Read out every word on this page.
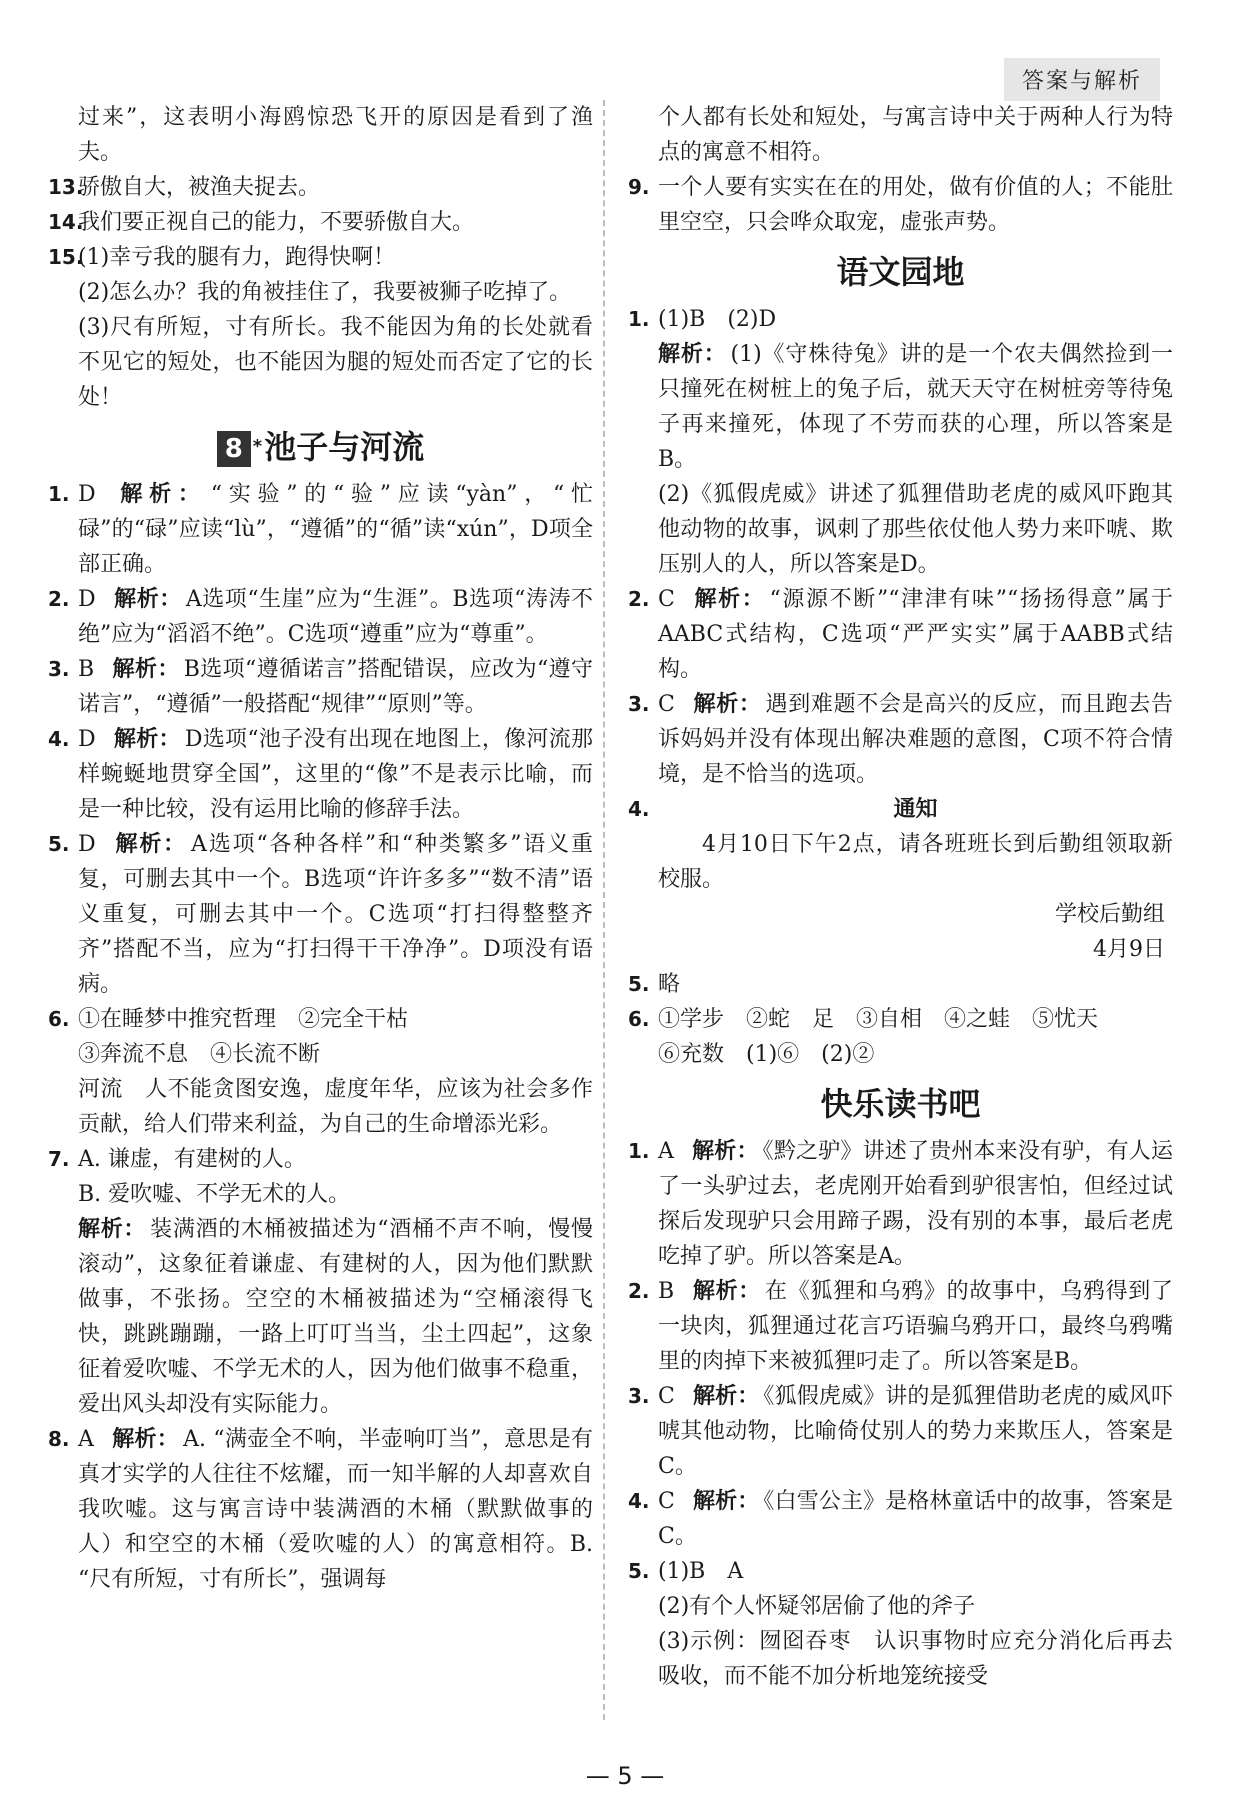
答案与解析
过来”，这表明小海鸥惊恐飞开的原因是看到了渔夫。
13.
骄傲自大，被渔夫捉去。
14.
我们要正视自己的能力，不要骄傲自大。
15.
(1)幸亏我的腿有力，跑得快啊！
(2)怎么办？我的角被挂住了，我要被狮子吃掉了。
(3)尺有所短，寸有所长。我不能因为角的长处就看不见它的短处，也不能因为腿的短处而否定了它的长处！
8 *池子与河流
1. D 解析： “实验”的“验”应读“yàn”，“忙碌”的“碌”应读“lù”，“遵循”的“循”读“xún”，D项全部正确。
2. D 解析： A选项“生崖”应为“生涯”。B选项“涛涛不绝”应为“滔滔不绝”。C选项“遵重”应为“尊重”。
3. B 解析： B选项“遵循诺言”搭配错误，应改为“遵守诺言”，“遵循”一般搭配“规律”“原则”等。
4. D 解析： D选项“池子没有出现在地图上，像河流那样蜿蜒地贯穿全国”，这里的“像”不是表示比喻，而是一种比较，没有运用比喻的修辞手法。
5. D 解析： A选项“各种各样”和“种类繁多”语义重复，可删去其中一个。B选项“许许多多”“数不清”语义重复，可删去其中一个。C选项“打扫得整整齐齐”搭配不当，应为“打扫得干干净净”。D项没有语病。
6. ①在睡梦中推究哲理　②完全干枯
③奔流不息　④长流不断
河流　人不能贪图安逸，虚度年华，应该为社会多作贡献，给人们带来利益，为自己的生命增添光彩。
7. A. 谦虚，有建树的人。
B. 爱吹嘘、不学无术的人。
解析： 装满酒的木桶被描述为“酒桶不声不响，慢慢滚动”，这象征着谦虚、有建树的人，因为他们默默做事，不张扬。空空的木桶被描述为“空桶滚得飞快，跳跳蹦蹦，一路上叮叮当当，尘土四起”，这象征着爱吹嘘、不学无术的人，因为他们做事不稳重，爱出风头却没有实际能力。
8. A 解析： A. “满壶全不响，半壶响叮当”，意思是有真才实学的人往往不炫耀，而一知半解的人却喜欢自我吹嘘。这与寓言诗中装满酒的木桶（默默做事的人）和空空的木桶（爱吹嘘的人）的寓意相符。B. “尺有所短，寸有所长”，强调每
个人都有长处和短处，与寓言诗中关于两种人行为特点的寓意不相符。
9. 一个人要有实实在在的用处，做有价值的人；不能肚里空空，只会哗众取宠，虚张声势。
语文园地
1. (1)B　(2)D
解析： (1)《守株待兔》讲的是一个农夫偶然捡到一只撞死在树桩上的兔子后，就天天守在树桩旁等待兔子再来撞死，体现了不劳而获的心理，所以答案是B。
(2)《狐假虎威》讲述了狐狸借助老虎的威风吓跑其他动物的故事，讽刺了那些依仗他人势力来吓唬、欺压别人的人，所以答案是D。
2. C 解析： “源源不断”“津津有味”“扬扬得意”属于AABC式结构，C选项“严严实实”属于AABB式结构。
3. C 解析： 遇到难题不会是高兴的反应，而且跑去告诉妈妈并没有体现出解决难题的意图，C项不符合情境，是不恰当的选项。
4.	通知
4月10日下午2点，请各班班长到后勤组领取新校服。
学校后勤组
4月9日
5. 略
6. ①学步　②蛇　足　③自相　④之蛙　⑤忧天
⑥充数　(1)⑥　(2)②
快乐读书吧
1. A 解析： 《黔之驴》讲述了贵州本来没有驴，有人运了一头驴过去，老虎刚开始看到驴很害怕，但经过试探后发现驴只会用蹄子踢，没有别的本事，最后老虎吃掉了驴。所以答案是A。
2. B 解析： 在《狐狸和乌鸦》的故事中，乌鸦得到了一块肉，狐狸通过花言巧语骗乌鸦开口，最终乌鸦嘴里的肉掉下来被狐狸叼走了。所以答案是B。
3. C 解析： 《狐假虎威》讲的是狐狸借助老虎的威风吓唬其他动物，比喻倚仗别人的势力来欺压人，答案是C。
4. C 解析： 《白雪公主》是格林童话中的故事，答案是C。
5. (1)B　A
(2)有个人怀疑邻居偷了他的斧子
(3)示例：囫囵吞枣　认识事物时应充分消化后再去吸收，而不能不加分析地笼统接受
— 5 —
